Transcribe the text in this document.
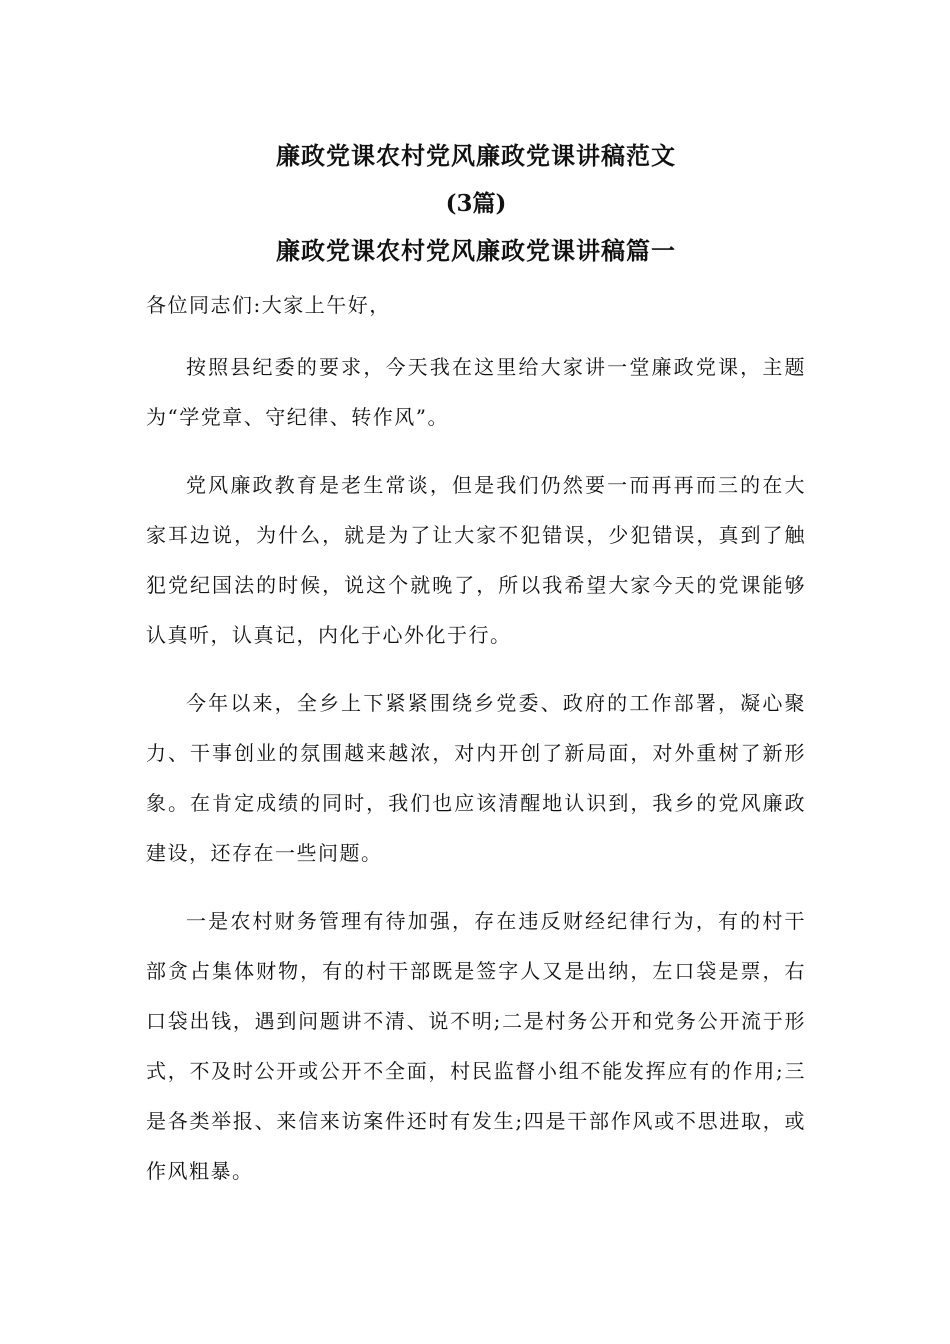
廉政党课农村党风廉政党课讲稿范文
(3篇)
廉政党课农村党风廉政党课讲稿篇一

各位同志们:大家上午好，

按照县纪委的要求，今天我在这里给大家讲一堂廉政党课，主题为“学党章、守纪律、转作风”。

党风廉政教育是老生常谈，但是我们仍然要一而再再而三的在大家耳边说，为什么，就是为了让大家不犯错误，少犯错误，真到了触犯党纪国法的时候，说这个就晚了，所以我希望大家今天的党课能够认真听，认真记，内化于心外化于行。

今年以来，全乡上下紧紧围绕乡党委、政府的工作部署，凝心聚力、干事创业的氛围越来越浓，对内开创了新局面，对外重树了新形象。在肯定成绩的同时，我们也应该清醒地认识到，我乡的党风廉政建设，还存在一些问题。

一是农村财务管理有待加强，存在违反财经纪律行为，有的村干部贪占集体财物，有的村干部既是签字人又是出纳，左口袋是票，右口袋出钱，遇到问题讲不清、说不明;二是村务公开和党务公开流于形式，不及时公开或公开不全面，村民监督小组不能发挥应有的作用;三是各类举报、来信来访案件还时有发生;四是干部作风或不思进取，或作风粗暴。
